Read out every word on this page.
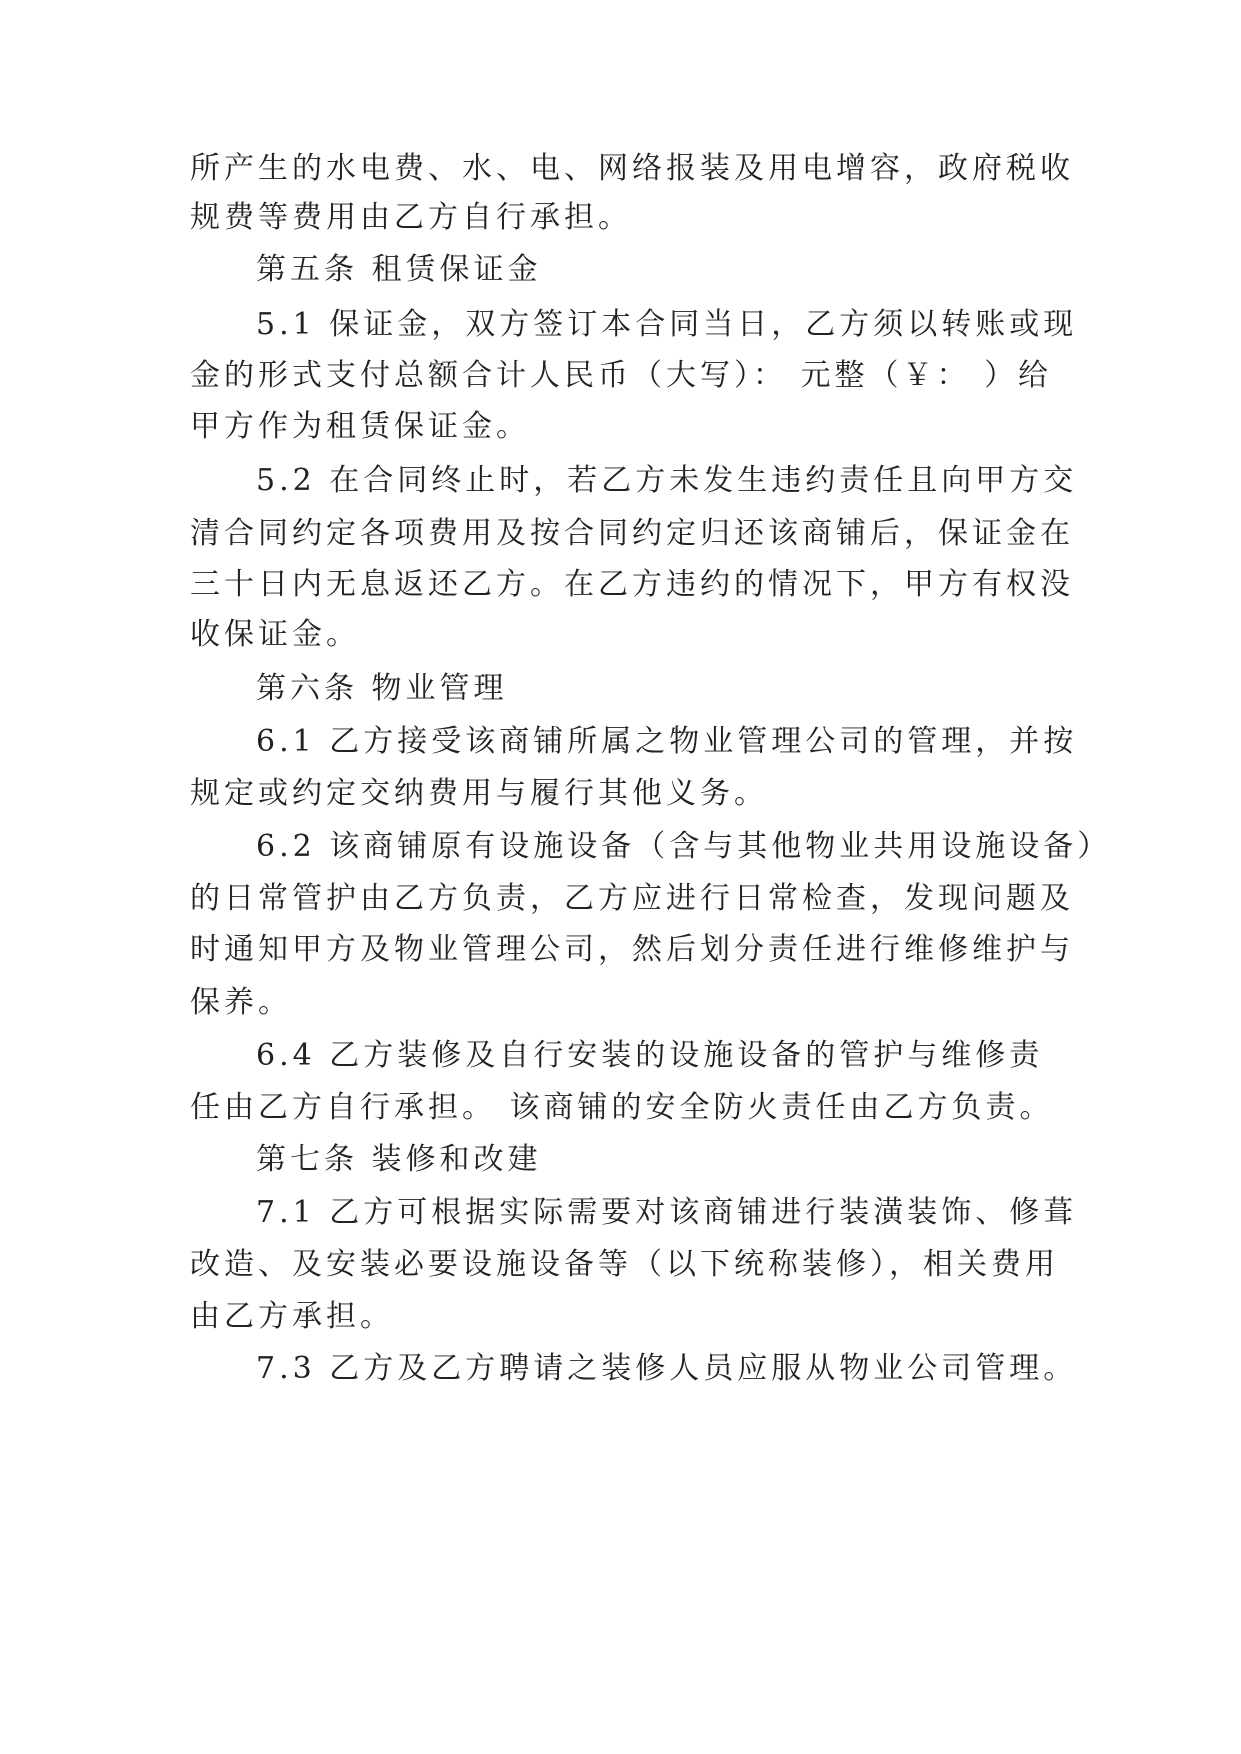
所产生的水电费、水、电、网络报装及用电增容，政府税收
规费等费用由乙方自行承担。
第五条 租赁保证金
5.1 保证金，双方签订本合同当日，乙方须以转账或现
金的形式支付总额合计人民币（大写）： 元整（￥： ）给
甲方作为租赁保证金。
5.2 在合同终止时，若乙方未发生违约责任且向甲方交
清合同约定各项费用及按合同约定归还该商铺后，保证金在
三十日内无息返还乙方。在乙方违约的情况下，甲方有权没
收保证金。
第六条 物业管理
6.1 乙方接受该商铺所属之物业管理公司的管理，并按
规定或约定交纳费用与履行其他义务。
6.2 该商铺原有设施设备（含与其他物业共用设施设备）
的日常管护由乙方负责，乙方应进行日常检查，发现问题及
时通知甲方及物业管理公司，然后划分责任进行维修维护与
保养。
6.4 乙方装修及自行安装的设施设备的管护与维修责
任由乙方自行承担。 该商铺的安全防火责任由乙方负责。
第七条 装修和改建
7.1 乙方可根据实际需要对该商铺进行装潢装饰、修葺
改造、及安装必要设施设备等（以下统称装修），相关费用
由乙方承担。
7.3 乙方及乙方聘请之装修人员应服从物业公司管理。
